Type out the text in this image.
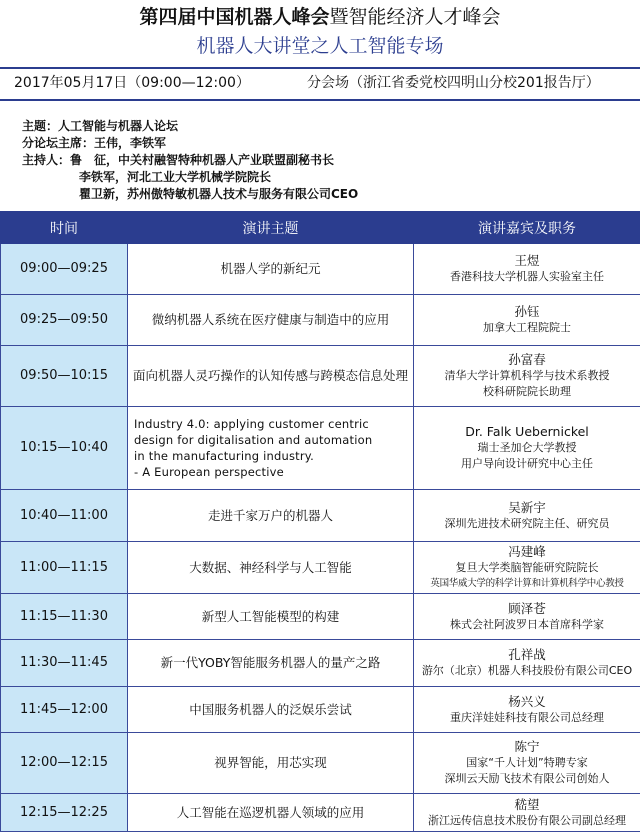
第四届中国机器人峰会暨智能经济人才峰会
机器人大讲堂之人工智能专场
2017年05月17日（09:00—12:00）	分会场（浙江省委党校四明山分校201报告厅）
主题：人工智能与机器人论坛
分论坛主席：王伟，李铁军
主持人：鲁　征，中关村融智特种机器人产业联盟副秘书长
李铁军，河北工业大学机械学院院长
瞿卫新，苏州傲特敏机器人技术与服务有限公司CEO
时间	演讲主题	演讲嘉宾及职务
09:00—09:25	机器人学的新纪元	王煜
香港科技大学机器人实验室主任

09:25—09:50	微纳机器人系统在医疗健康与制造中的应用	孙钰
加拿大工程院院士

09:50—10:15	面向机器人灵巧操作的认知传感与跨模态信息处理	孙富春
清华大学计算机科学与技术系教授
校科研院院长助理

10:15—10:40	Industry 4.0: applying customer centric
design for digitalisation and automation
in the manufacturing industry.
- A European perspective	Dr. Falk Uebernickel
瑞士圣加仑大学教授
用户导向设计研究中心主任

10:40—11:00	走进千家万户的机器人	吴新宇
深圳先进技术研究院主任、研究员

11:00—11:15	大数据、神经科学与人工智能	冯建峰
复旦大学类脑智能研究院院长
英国华威大学的科学计算和计算机科学中心教授

11:15—11:30	新型人工智能模型的构建	顾泽苍
株式会社阿波罗日本首席科学家

11:30—11:45	新一代YOBY智能服务机器人的量产之路	孔祥战
游尔（北京）机器人科技股份有限公司CEO

11:45—12:00	中国服务机器人的泛娱乐尝试	杨兴义
重庆洋娃娃科技有限公司总经理

12:00—12:15	视界智能，用芯实现	陈宁
国家“千人计划”特聘专家
深圳云天励飞技术有限公司创始人

12:15—12:25	人工智能在巡逻机器人领域的应用	嵇望
浙江远传信息技术股份有限公司副总经理
